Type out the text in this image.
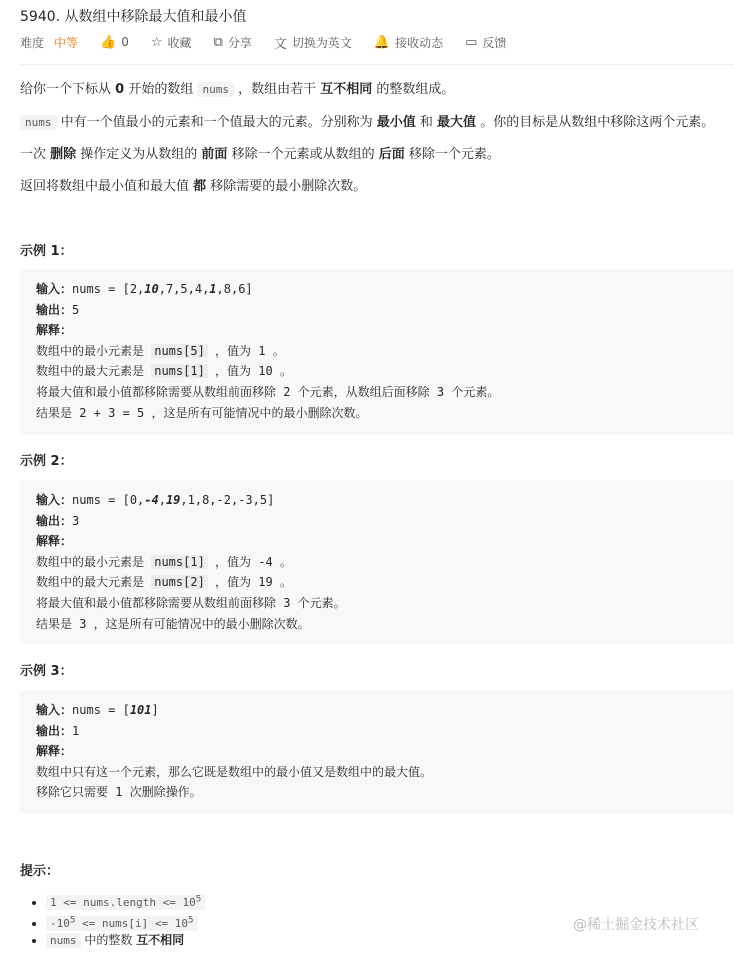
5940. 从数组中移除最大值和最小值
难度 中等 👍 0 ☆ 收藏 ⧉ 分享 文 切换为英文 🔔 接收动态 ▭ 反馈
给你一个下标从 0 开始的数组 nums ，数组由若干 互不相同 的整数组成。
nums 中有一个值最小的元素和一个值最大的元素。分别称为 最小值 和 最大值 。你的目标是从数组中移除这两个元素。
一次 删除 操作定义为从数组的 前面 移除一个元素或从数组的 后面 移除一个元素。
返回将数组中最小值和最大值 都 移除需要的最小删除次数。
示例 1：
输入：nums = [2,10,7,5,4,1,8,6]
输出：5
解释：
数组中的最小元素是 nums[5] ，值为 1 。
数组中的最大元素是 nums[1] ，值为 10 。
将最大值和最小值都移除需要从数组前面移除 2 个元素，从数组后面移除 3 个元素。
结果是 2 + 3 = 5 ，这是所有可能情况中的最小删除次数。
示例 2：
输入：nums = [0,-4,19,1,8,-2,-3,5]
输出：3
解释：
数组中的最小元素是 nums[1] ，值为 -4 。
数组中的最大元素是 nums[2] ，值为 19 。
将最大值和最小值都移除需要从数组前面移除 3 个元素。
结果是 3 ，这是所有可能情况中的最小删除次数。
示例 3：
输入：nums = [101]
输出：1
解释：
数组中只有这一个元素，那么它既是数组中的最小值又是数组中的最大值。
移除它只需要 1 次删除操作。
提示：
• 1 <= nums.length <= $10^5$
• $-10^5$ <= nums[i] <= $10^5$
• nums 中的整数 互不相同
@稀土掘金技术社区
